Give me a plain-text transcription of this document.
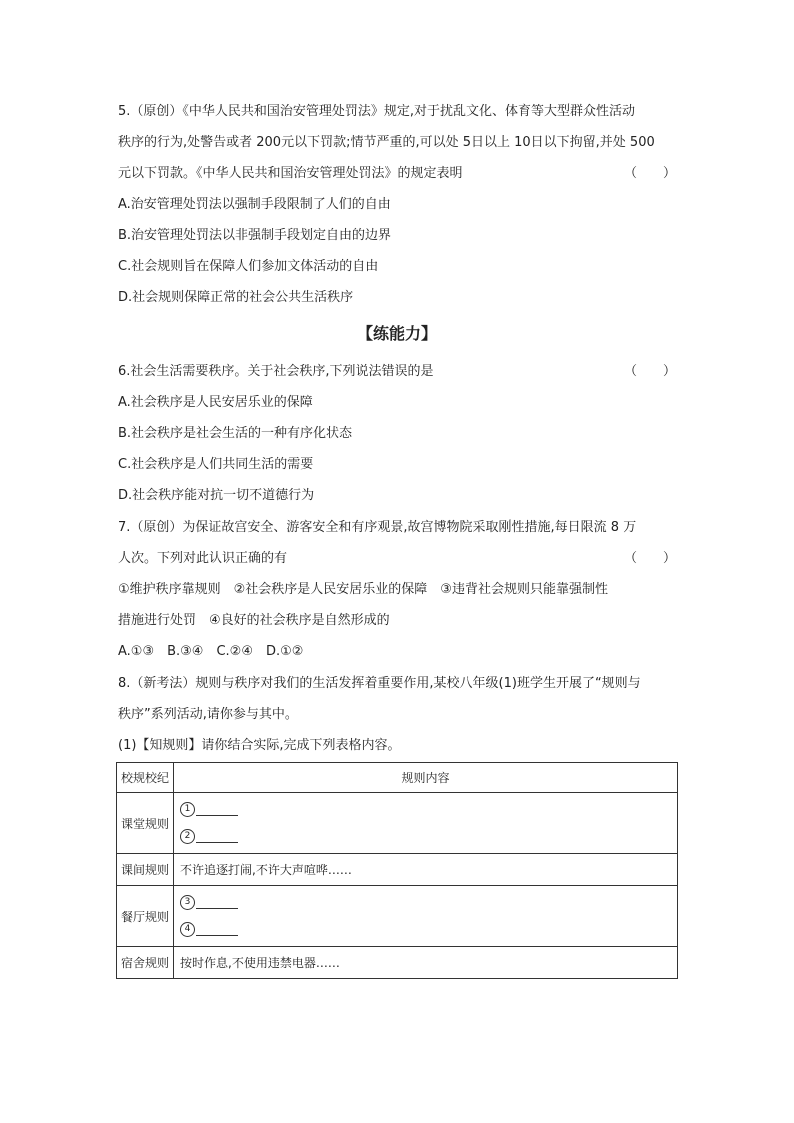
5.（原创）《中华人民共和国治安管理处罚法》规定,对于扰乱文化、体育等大型群众性活动
秩序的行为,处警告或者 200元以下罚款;情节严重的,可以处 5日以上 10日以下拘留,并处 500
元以下罚款。《中华人民共和国治安管理处罚法》的规定表明	（　　）
A.治安管理处罚法以强制手段限制了人们的自由
B.治安管理处罚法以非强制手段划定自由的边界
C.社会规则旨在保障人们参加文体活动的自由
D.社会规则保障正常的社会公共生活秩序
【练能力】
6.社会生活需要秩序。关于社会秩序,下列说法错误的是	（　　）
A.社会秩序是人民安居乐业的保障
B.社会秩序是社会生活的一种有序化状态
C.社会秩序是人们共同生活的需要
D.社会秩序能对抗一切不道德行为
7.（原创）为保证故宫安全、游客安全和有序观景,故宫博物院采取刚性措施,每日限流 8 万
人次。下列对此认识正确的有	（　　）
①维护秩序靠规则　②社会秩序是人民安居乐业的保障　③违背社会规则只能靠强制性
措施进行处罚　④良好的社会秩序是自然形成的
A.①③　B.③④　C.②④　D.①②
8.（新考法）规则与秩序对我们的生活发挥着重要作用,某校八年级(1)班学生开展了“规则与
秩序”系列活动,请你参与其中。
(1)【知规则】请你结合实际,完成下列表格内容。
校规校纪	规则内容
课堂规则	1
2

课间规则	不许追逐打闹,不许大声喧哗……
餐厅规则	3
4

宿舍规则	按时作息,不使用违禁电器……
